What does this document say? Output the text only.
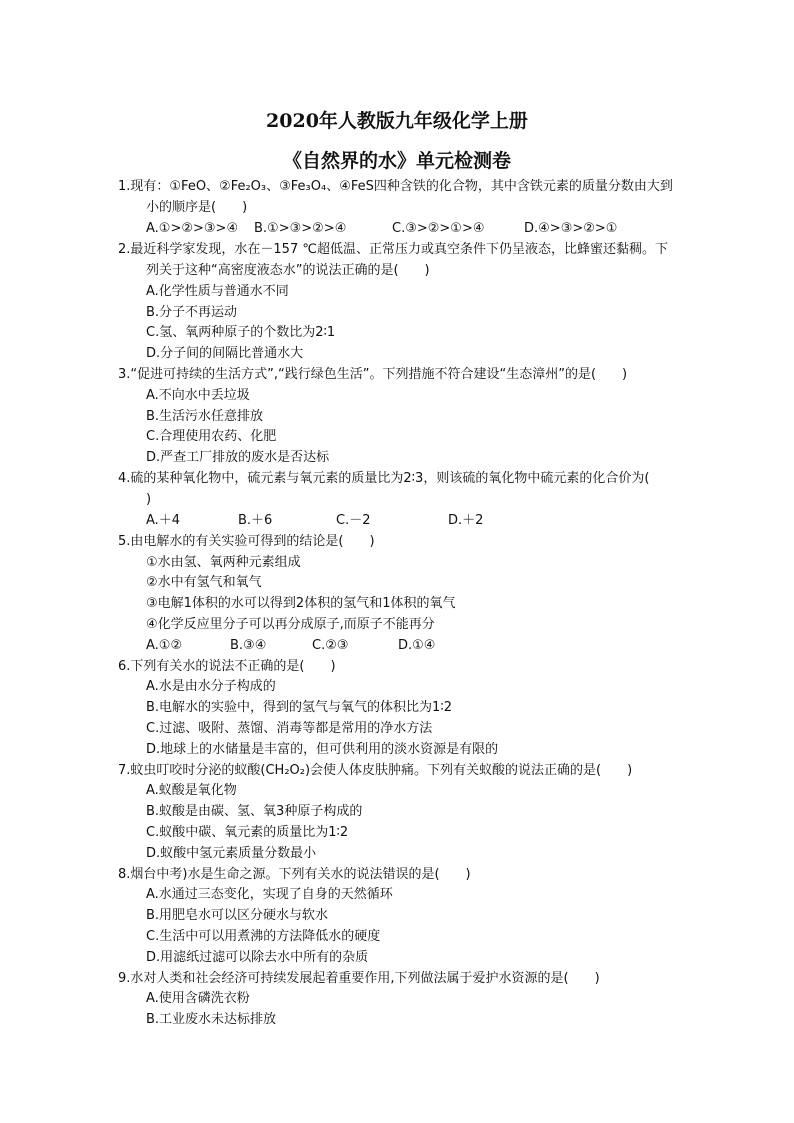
2020年人教版九年级化学上册
《自然界的水》单元检测卷
1.现有：①FeO、②Fe₂O₃、③Fe₃O₄、④FeS四种含铁的化合物，其中含铁元素的质量分数由大到
小的顺序是(　　)
A.①>②>③>④ B.①>③>②>④	C.③>②>①>④	D.④>③>②>①
2.最近科学家发现，水在－157 ℃超低温、正常压力或真空条件下仍呈液态，比蜂蜜还黏稠。下
列关于这种“高密度液态水”的说法正确的是(　　)
A.化学性质与普通水不同
B.分子不再运动
C.氢、氧两种原子的个数比为2∶1
D.分子间的间隔比普通水大
3.“促进可持续的生活方式”,“践行绿色生活”。下列措施不符合建设“生态漳州”的是(　　)
A.不向水中丢垃圾
B.生活污水任意排放
C.合理使用农药、化肥
D.严查工厂排放的废水是否达标
4.硫的某种氧化物中，硫元素与氧元素的质量比为2∶3，则该硫的氧化物中硫元素的化合价为(
)
A.＋4	B.＋6	C.－2	D.＋2
5.由电解水的有关实验可得到的结论是(　　)
①水由氢、氧两种元素组成
②水中有氢气和氧气
③电解1体积的水可以得到2体积的氢气和1体积的氧气
④化学反应里分子可以再分成原子,而原子不能再分
A.①②	B.③④	C.②③	D.①④
6.下列有关水的说法不正确的是(　　)
A.水是由水分子构成的
B.电解水的实验中，得到的氢气与氧气的体积比为1∶2
C.过滤、吸附、蒸馏、消毒等都是常用的净水方法
D.地球上的水储量是丰富的，但可供利用的淡水资源是有限的
7.蚊虫叮咬时分泌的蚁酸(CH₂O₂)会使人体皮肤肿痛。下列有关蚁酸的说法正确的是(　　)
A.蚁酸是氧化物
B.蚁酸是由碳、氢、氧3种原子构成的
C.蚁酸中碳、氧元素的质量比为1∶2
D.蚁酸中氢元素质量分数最小
8.烟台中考)水是生命之源。下列有关水的说法错误的是(　　)
A.水通过三态变化，实现了自身的天然循环
B.用肥皂水可以区分硬水与软水
C.生活中可以用煮沸的方法降低水的硬度
D.用滤纸过滤可以除去水中所有的杂质
9.水对人类和社会经济可持续发展起着重要作用,下列做法属于爱护水资源的是(　　)
A.使用含磷洗衣粉
B.工业废水未达标排放
